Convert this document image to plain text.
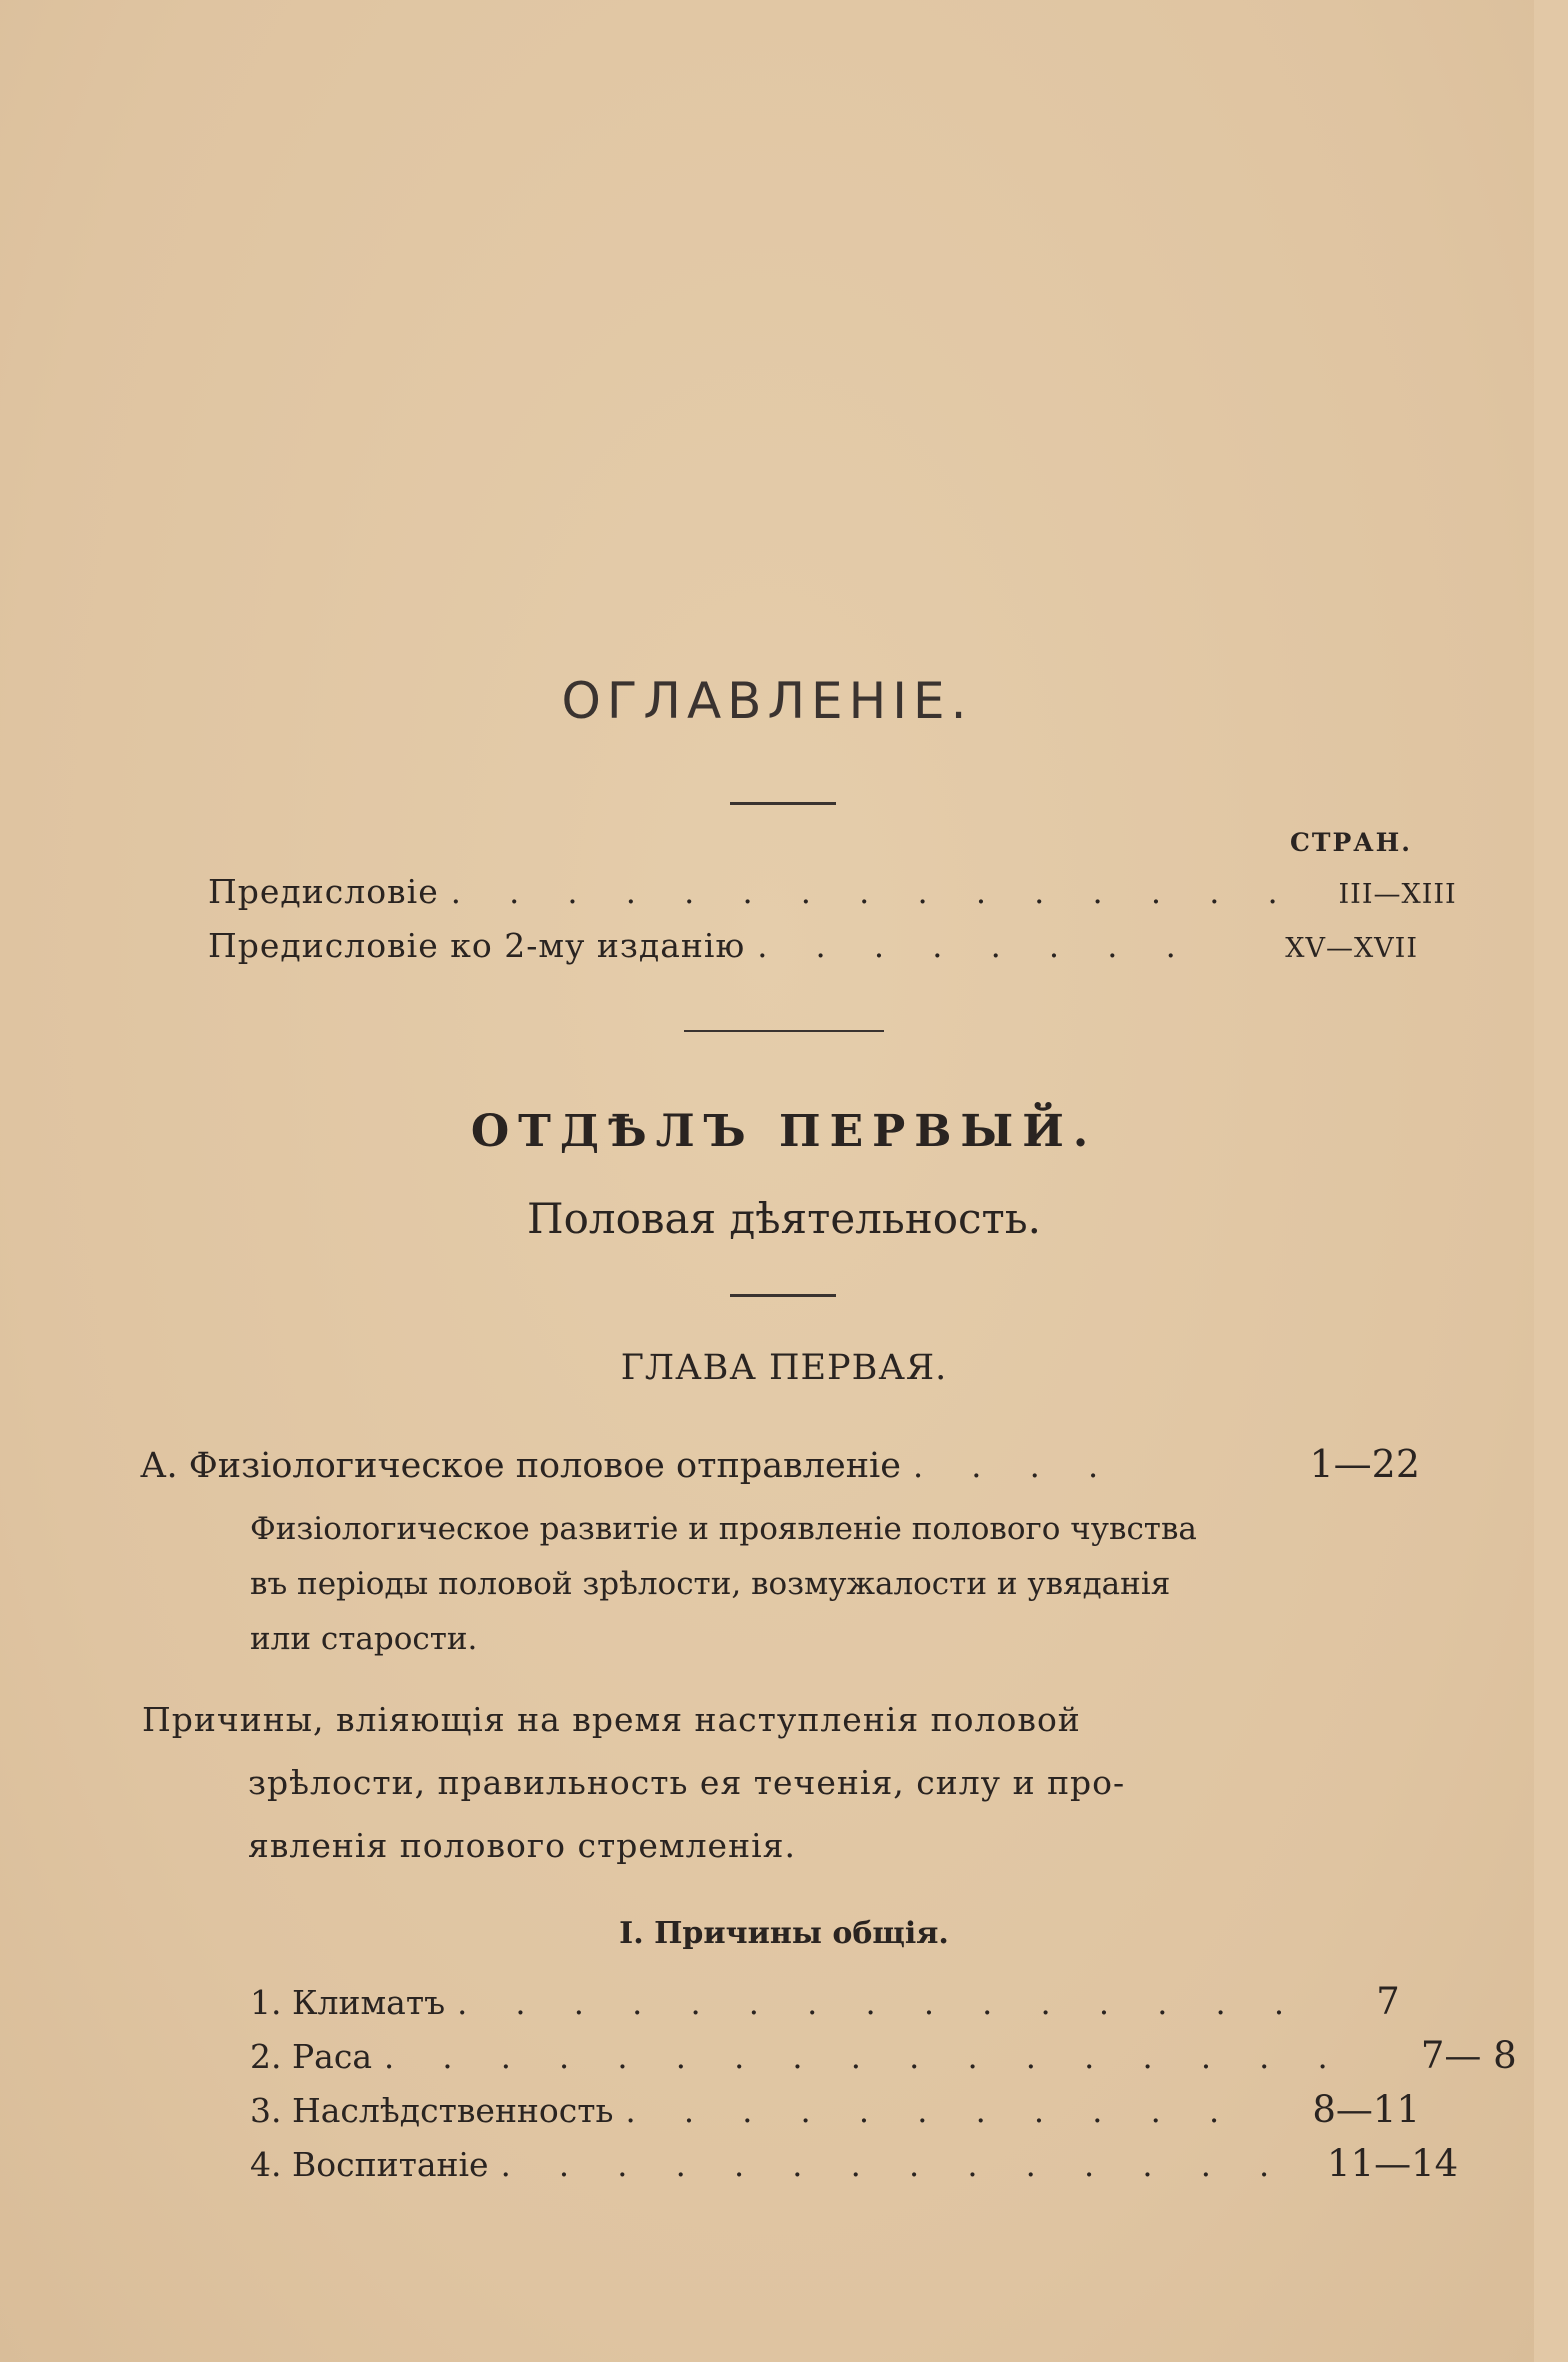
ОГЛАВЛЕНІЕ.
СТРАН.
Предисловіе . . . . . . . . . . . . . . .	III—XIII
Предисловіе ко 2-му изданію . . . . . . . .	XV—XVII
ОТДѢЛЪ ПЕРВЫЙ.
Половая дѣятельность.
ГЛАВА ПЕРВАЯ.
А. Физіологическое половое отправленіе . . . .	1—22
Физіологическое развитіе и проявленіе полового чувства
въ періоды половой зрѣлости, возмужалости и увяданія
или старости.
Причины, вліяющія на время наступленія половой
зрѣлости, правильность ея теченія, силу и про-
явленія полового стремленія.
I. Причины общія.
1. Климатъ . . . . . . . . . . . . . . .	7
2. Раса . . . . . . . . . . . . . . . . .	7— 8
3. Наслѣдственность . . . . . . . . . . .	8—11
4. Воспитаніе . . . . . . . . . . . . . .	11—14
